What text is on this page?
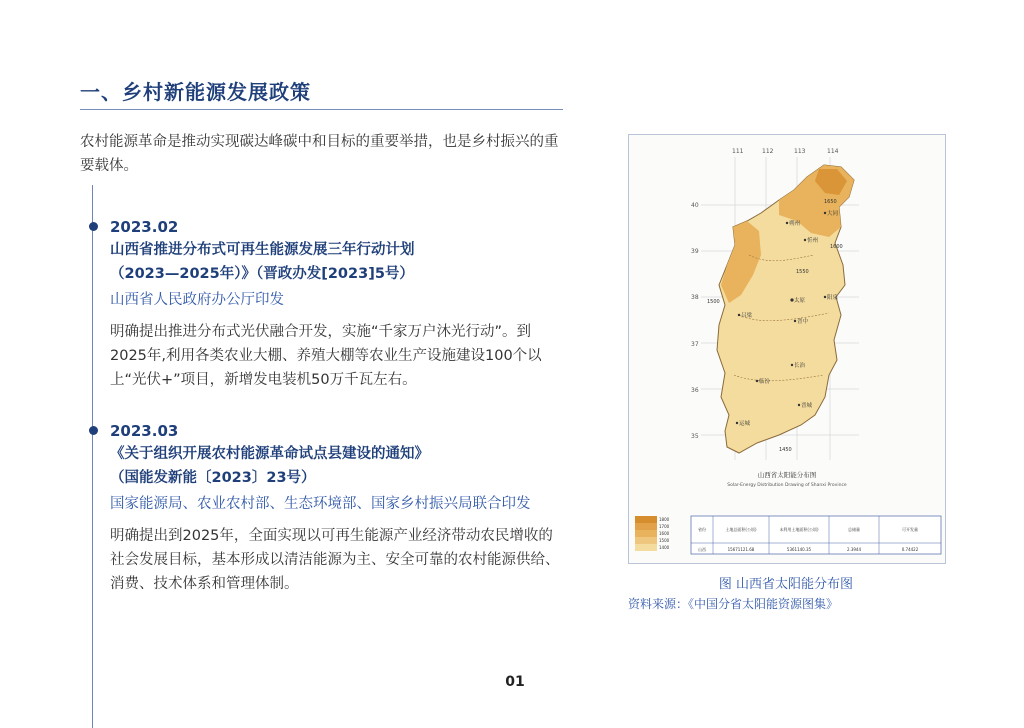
一、乡村新能源发展政策

农村能源革命是推动实现碳达峰碳中和目标的重要举措，也是乡村振兴的重要载体。

2023.02

山西省推进分布式可再生能源发展三年行动计划

（2023—2025年）》（晋政办发[2023]5号）

山西省人民政府办公厅印发

明确提出推进分布式光伏融合开发，实施“千家万户沐光行动”。到2025年,利用各类农业大棚、养殖大棚等农业生产设施建设100个以上“光伏+”项目，新增发电装机50万千瓦左右。

2023.03

《关于组织开展农村能源革命试点县建设的通知》

（国能发新能〔2023〕23号）

国家能源局、农业农村部、生态环境部、国家乡村振兴局联合印发

明确提出到2025年，全面实现以可再生能源产业经济带动农民增收的社会发展目标，基本形成以清洁能源为主、安全可靠的农村能源供给、消费、技术体系和管理体制。

111	112	113	114
40
39
38
37
36
35
1650
1600
1550
1500
1450
大同
朔州
忻州
太原	阳泉
吕梁
晋中
长治
临汾
晋城
运城
山西省太阳能分布图
Solar-Energy Distribution Drawing of Shanxi Province
1800
1700
1600
1500
1400
省份	土地总面积(公顷)	未利用土地面积(公顷)	总储量	可开发量
山西	15671121.68	5361140.35	2.3944	0.74422

图 山西省太阳能分布图

资料来源：《中国分省太阳能资源图集》

01
